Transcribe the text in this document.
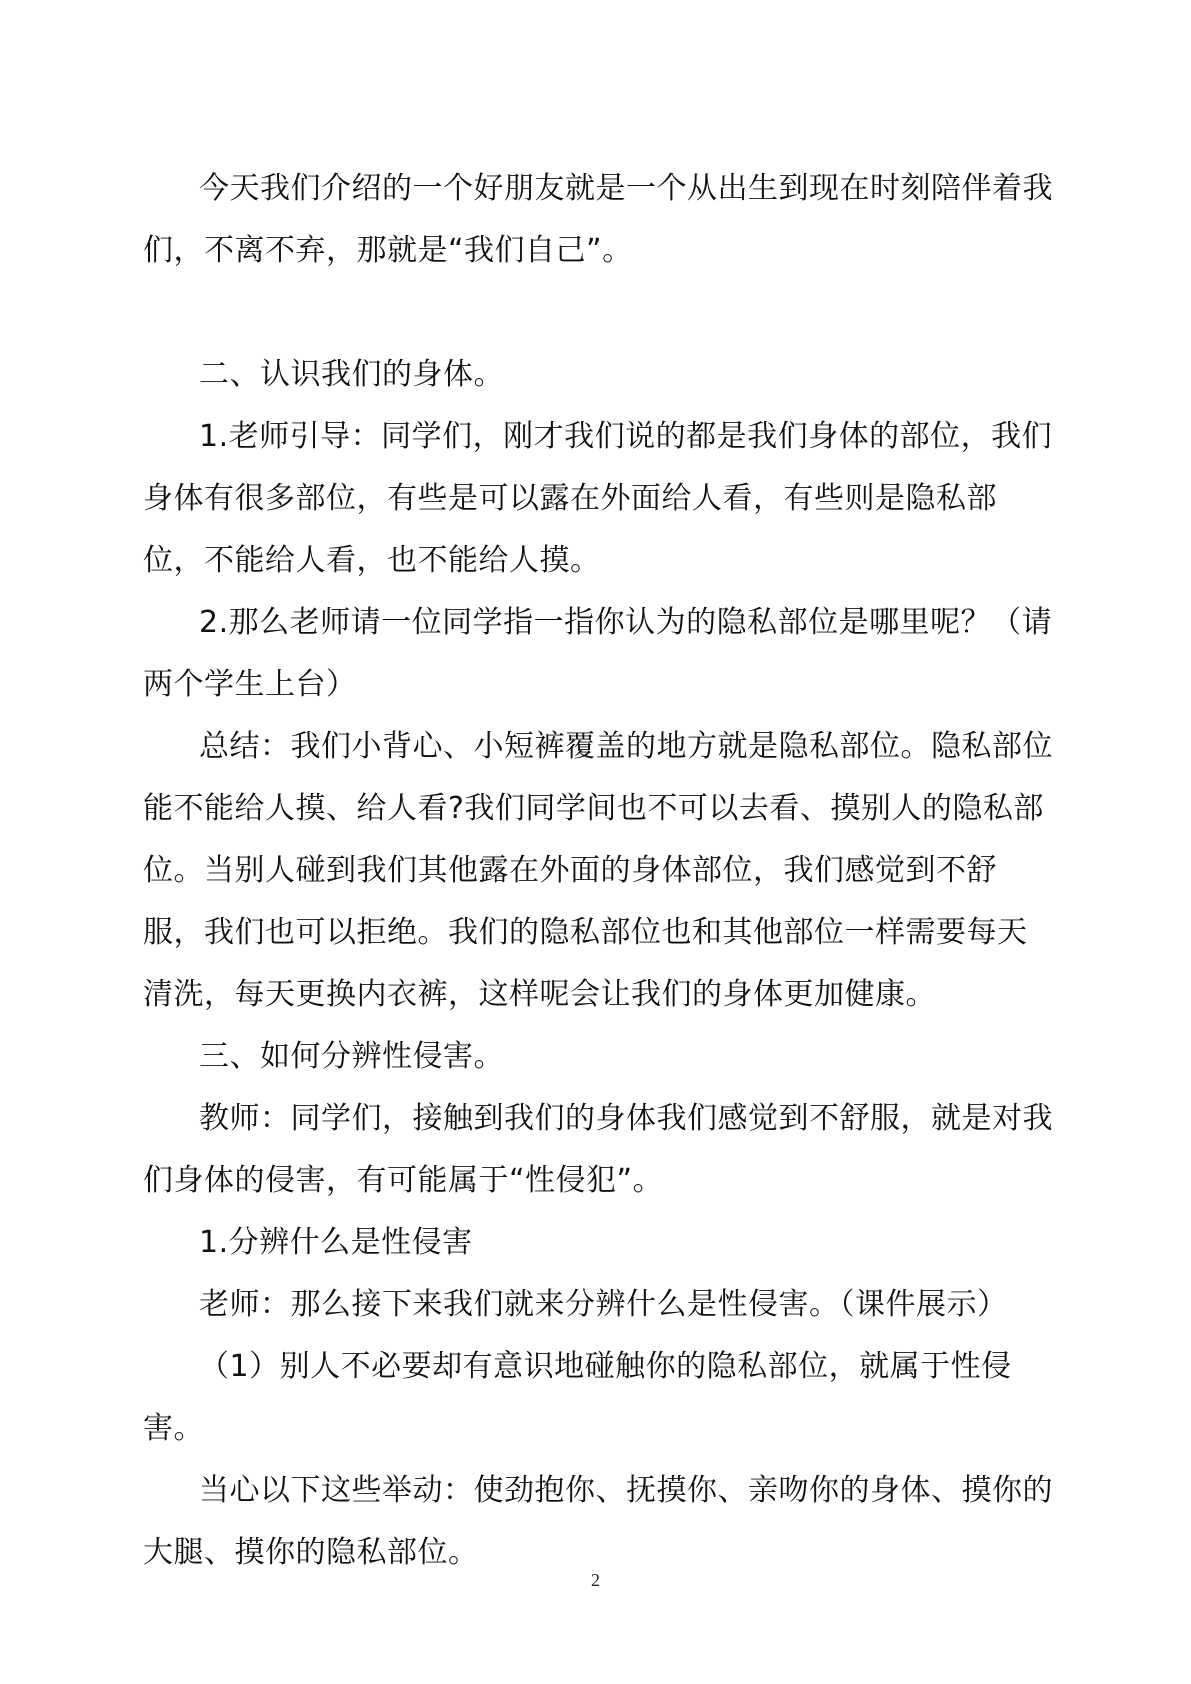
今天我们介绍的一个好朋友就是一个从出生到现在时刻陪伴着我们，不离不弃，那就是“我们自己”。

二、认识我们的身体。

1.老师引导：同学们，刚才我们说的都是我们身体的部位，我们身体有很多部位，有些是可以露在外面给人看，有些则是隐私部位，不能给人看，也不能给人摸。

2.那么老师请一位同学指一指你认为的隐私部位是哪里呢？（请两个学生上台）

总结：我们小背心、小短裤覆盖的地方就是隐私部位。隐私部位能不能给人摸、给人看?我们同学间也不可以去看、摸别人的隐私部位。当别人碰到我们其他露在外面的身体部位，我们感觉到不舒服，我们也可以拒绝。我们的隐私部位也和其他部位一样需要每天清洗，每天更换内衣裤，这样呢会让我们的身体更加健康。

三、如何分辨性侵害。

教师：同学们，接触到我们的身体我们感觉到不舒服，就是对我们身体的侵害，有可能属于“性侵犯”。

1.分辨什么是性侵害

老师：那么接下来我们就来分辨什么是性侵害。（课件展示）

（1）别人不必要却有意识地碰触你的隐私部位，就属于性侵害。

当心以下这些举动：使劲抱你、抚摸你、亲吻你的身体、摸你的大腿、摸你的隐私部位。

2
